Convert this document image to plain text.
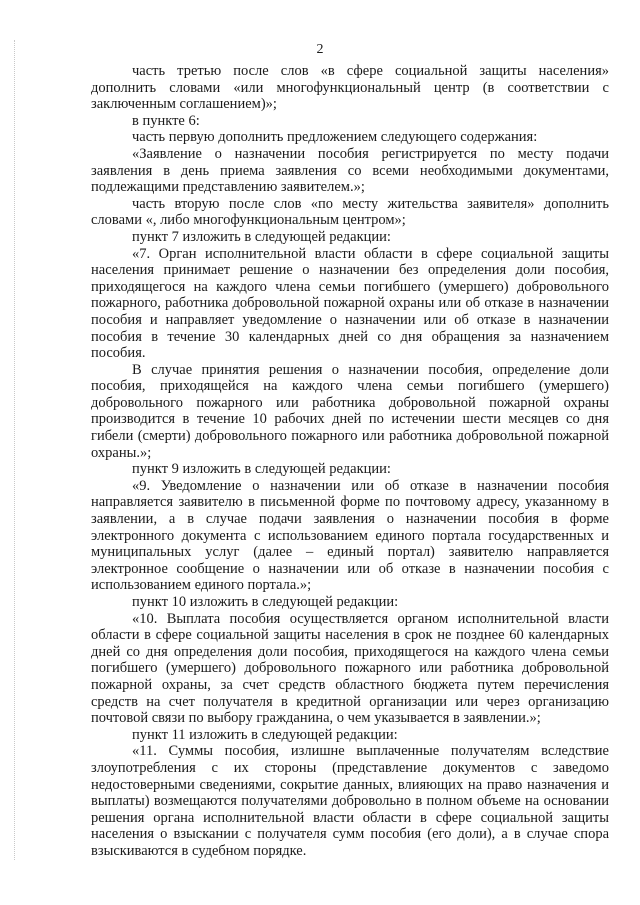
2

часть третью после слов «в сфере социальной защиты населения» дополнить словами «или многофункциональный центр (в соответствии с заключенным соглашением)»;

в пункте 6:

часть первую дополнить предложением следующего содержания:

«Заявление о назначении пособия регистрируется по месту подачи заявления в день приема заявления со всеми необходимыми документами, подлежащими представлению заявителем.»;

часть вторую после слов «по месту жительства заявителя» дополнить словами «, либо многофункциональным центром»;

пункт 7 изложить в следующей редакции:

«7. Орган исполнительной власти области в сфере социальной защиты населения принимает решение о назначении без определения доли пособия, приходящегося на каждого члена семьи погибшего (умершего) добровольного пожарного, работника добровольной пожарной охраны или об отказе в назначении пособия и направляет уведомление о назначении или об отказе в назначении пособия в течение 30 календарных дней со дня обращения за назначением пособия.

В случае принятия решения о назначении пособия, определение доли пособия, приходящейся на каждого члена семьи погибшего (умершего) добровольного пожарного или работника добровольной пожарной охраны производится в течение 10 рабочих дней по истечении шести месяцев со дня гибели (смерти) добровольного пожарного или работника добровольной пожарной охраны.»;

пункт 9 изложить в следующей редакции:

«9. Уведомление о назначении или об отказе в назначении пособия направляется заявителю в письменной форме по почтовому адресу, указанному в заявлении, а в случае подачи заявления о назначении пособия в форме электронного документа с использованием единого портала государственных и муниципальных услуг (далее – единый портал) заявителю направляется электронное сообщение о назначении или об отказе в назначении пособия с использованием единого портала.»;

пункт 10 изложить в следующей редакции:

«10. Выплата пособия осуществляется органом исполнительной власти области в сфере социальной защиты населения в срок не позднее 60 календарных дней со дня определения доли пособия, приходящегося на каждого члена семьи погибшего (умершего) добровольного пожарного или работника добровольной пожарной охраны, за счет средств областного бюджета путем перечисления средств на счет получателя в кредитной организации или через организацию почтовой связи по выбору гражданина, о чем указывается в заявлении.»;

пункт 11 изложить в следующей редакции:

«11. Суммы пособия, излишне выплаченные получателям вследствие злоупотребления с их стороны (представление документов с заведомо недостоверными сведениями, сокрытие данных, влияющих на право назначения и выплаты) возмещаются получателями добровольно в полном объеме на основании решения органа исполнительной власти области в сфере социальной защиты населения о взыскании с получателя сумм пособия (его доли), а в случае спора взыскиваются в судебном порядке.
